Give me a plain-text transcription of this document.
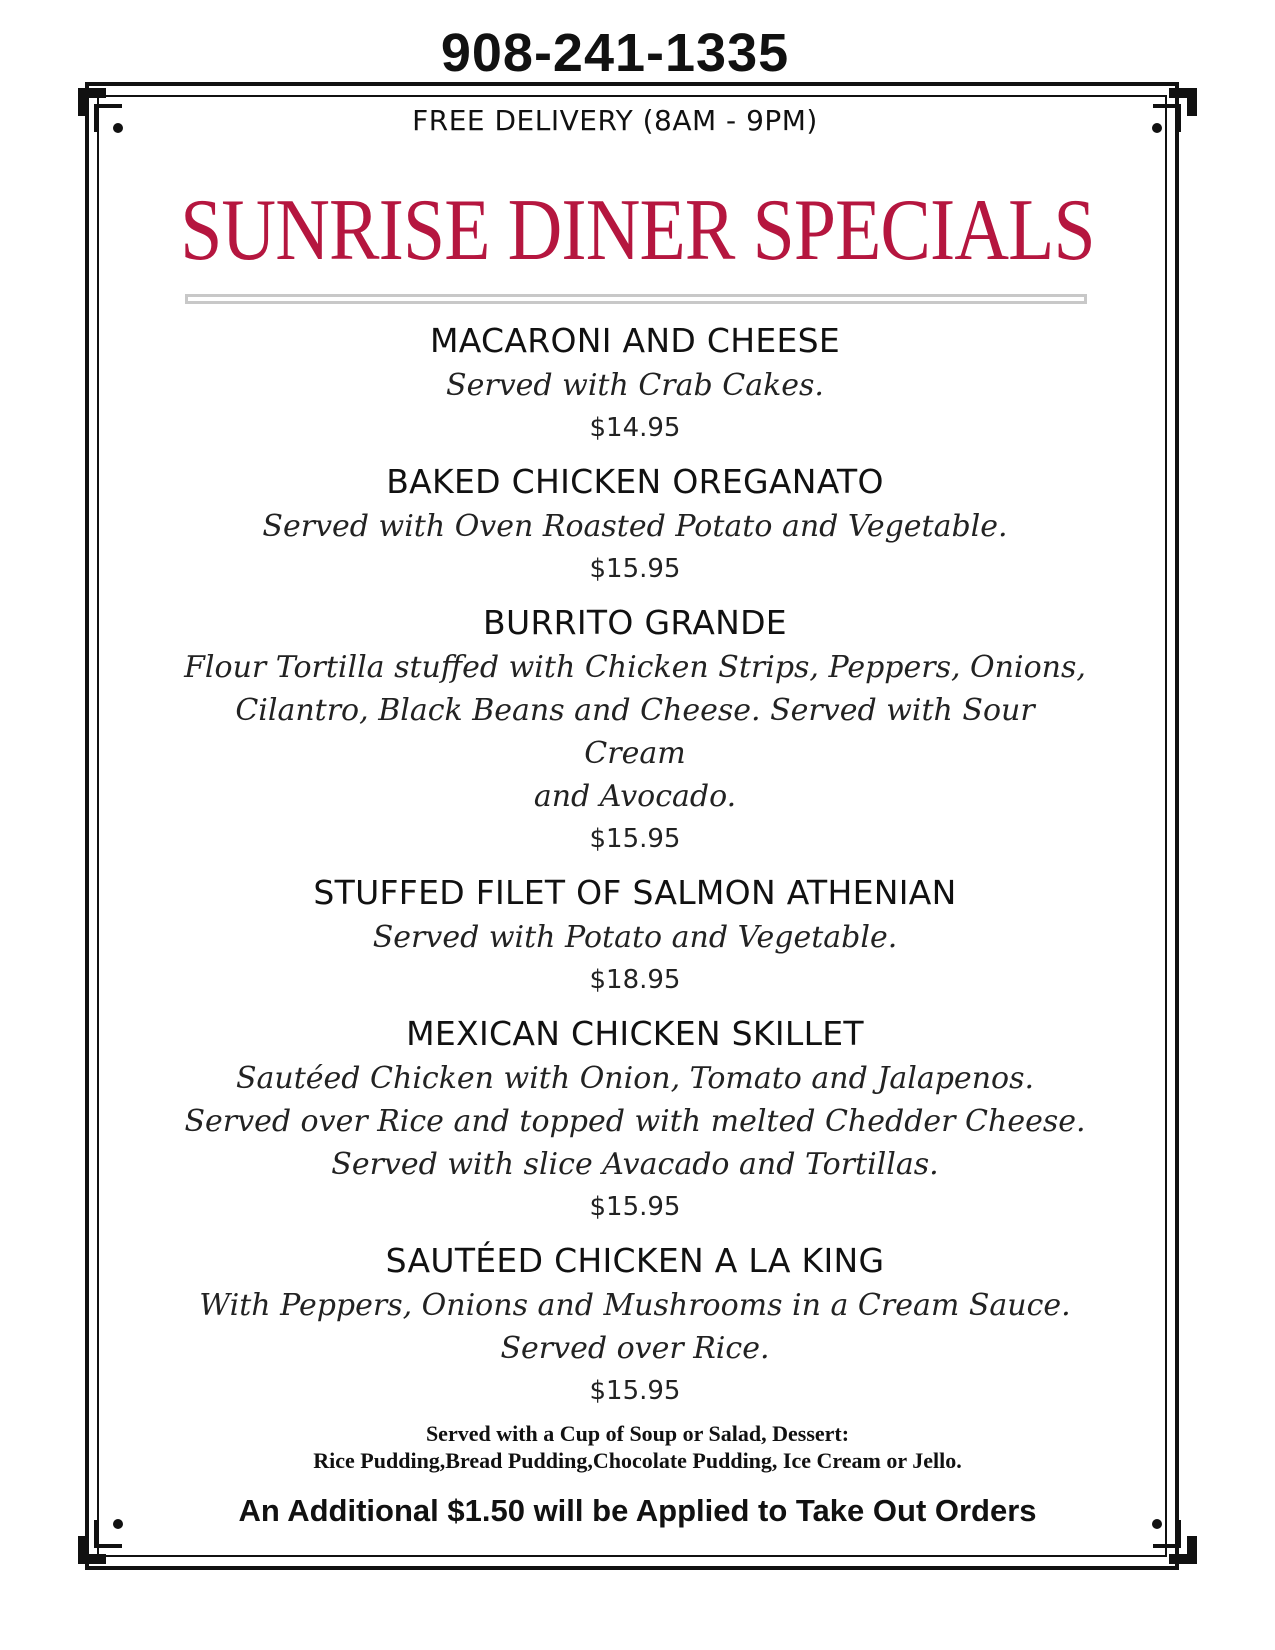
908-241-1335
FREE DELIVERY (8AM - 9PM)
SUNRISE DINER SPECIALS
MACARONI AND CHEESE
Served with Crab Cakes.
$14.95
BAKED CHICKEN OREGANATO
Served with Oven Roasted Potato and Vegetable.
$15.95
BURRITO GRANDE
Flour Tortilla stuffed with Chicken Strips, Peppers, Onions,
Cilantro, Black Beans and Cheese. Served with Sour Cream
and Avocado.
$15.95
STUFFED FILET OF SALMON ATHENIAN
Served with Potato and Vegetable.
$18.95
MEXICAN CHICKEN SKILLET
Sautéed Chicken with Onion, Tomato and Jalapenos.
Served over Rice and topped with melted Chedder Cheese.
Served with slice Avacado and Tortillas.
$15.95
SAUTÉED CHICKEN A LA KING
With Peppers, Onions and Mushrooms in a Cream Sauce.
Served over Rice.
$15.95
Served with a Cup of Soup or Salad, Dessert:
Rice Pudding,Bread Pudding,Chocolate Pudding, Ice Cream or Jello.
An Additional $1.50 will be Applied to Take Out Orders
